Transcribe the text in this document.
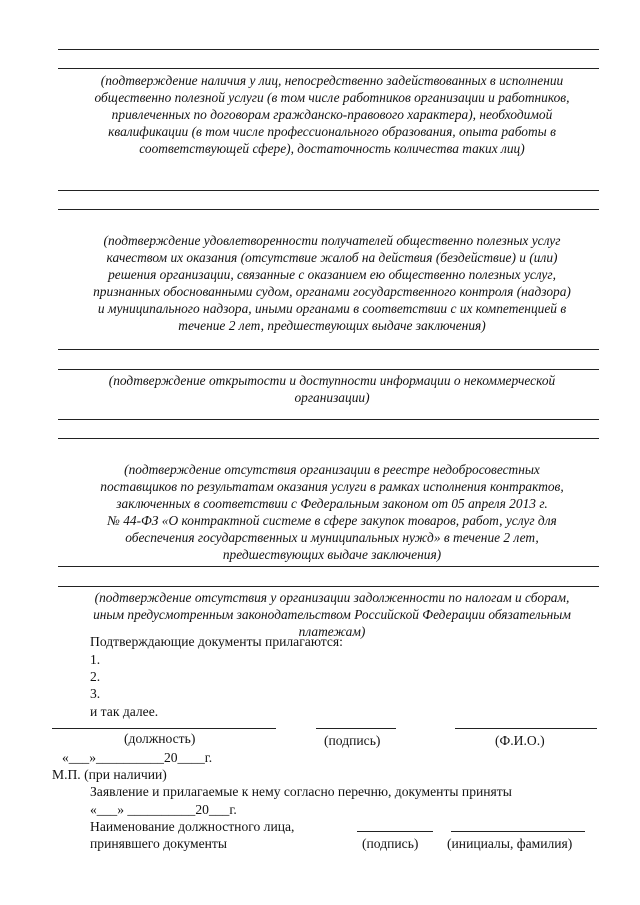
(подтверждение наличия у лиц, непосредственно задействованных в исполнении
общественно полезной услуги (в том числе работников организации и работников,
привлеченных по договорам гражданско-правового характера), необходимой
квалификации (в том числе профессионального образования, опыта работы в
соответствующей сфере), достаточность количества таких лиц)
(подтверждение удовлетворенности получателей общественно полезных услуг
качеством их оказания (отсутствие жалоб на действия (бездействие) и (или)
решения организации, связанные с оказанием ею общественно полезных услуг,
признанных обоснованными судом, органами государственного контроля (надзора)
и муниципального надзора, иными органами в соответствии с их компетенцией в
течение 2 лет, предшествующих выдаче заключения)
(подтверждение открытости и доступности информации о некоммерческой
организации)
(подтверждение отсутствия организации в реестре недобросовестных
поставщиков по результатам оказания услуги в рамках исполнения контрактов,
заключенных в соответствии с Федеральным законом от 05 апреля 2013 г.
№ 44-ФЗ «О контрактной системе в сфере закупок товаров, работ, услуг для
обеспечения государственных и муниципальных нужд» в течение 2 лет,
предшествующих выдаче заключения)
(подтверждение отсутствия у организации задолженности по налогам и сборам,
иным предусмотренным законодательством Российской Федерации обязательным
платежам)
Подтверждающие документы прилагаются:
1.
2.
3.
и так далее.
(должность)	(подпись)	(Ф.И.О.)
«___»__________20____г.
М.П. (при наличии)
Заявление и прилагаемые к нему согласно перечню, документы приняты
«___» __________20___г.
Наименование должностного лица,
принявшего документы	(подпись) (инициалы, фамилия)
